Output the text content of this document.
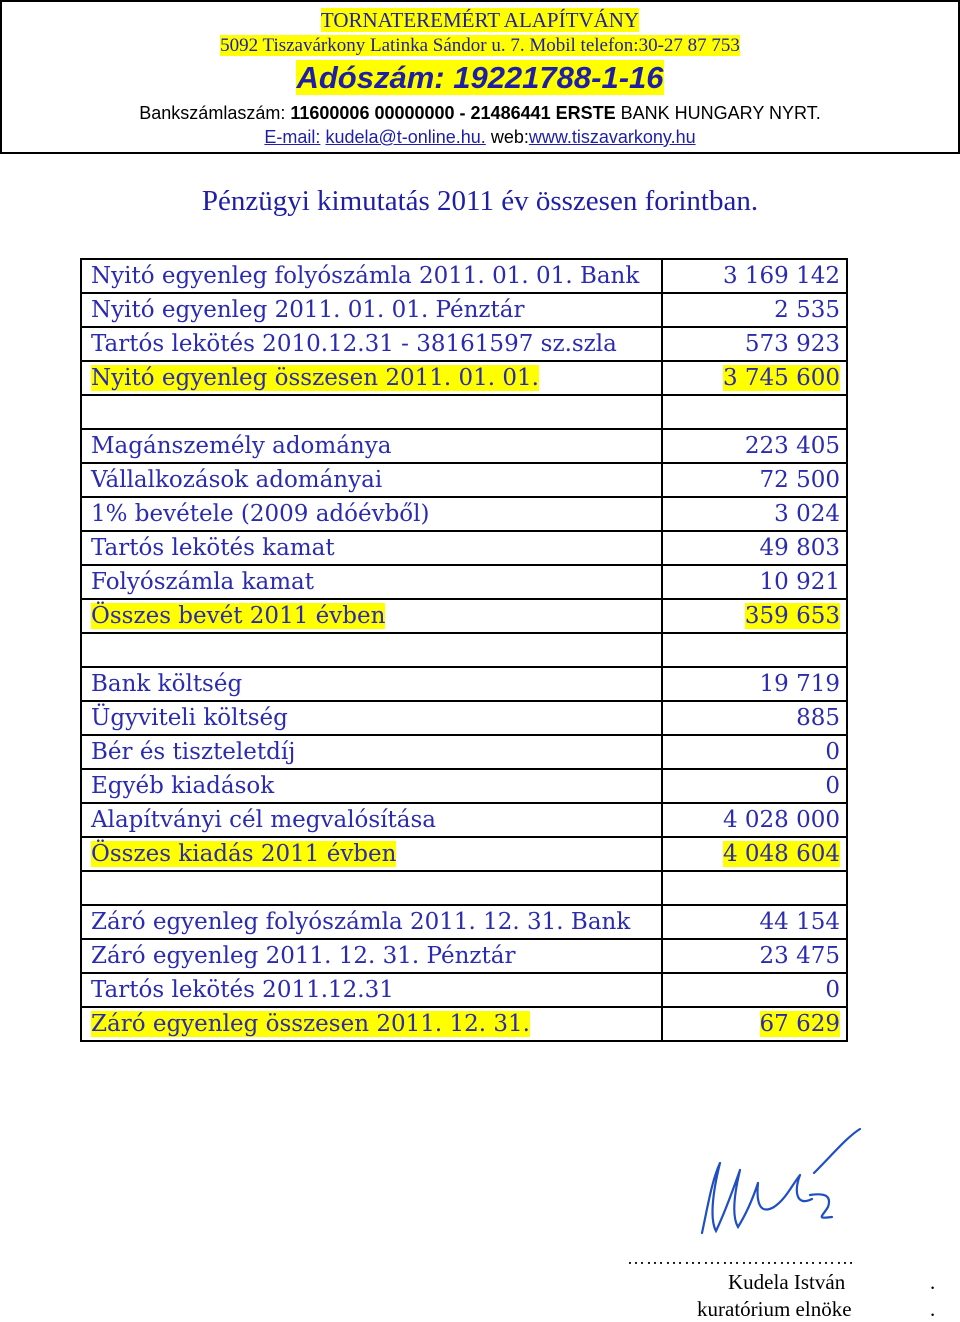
TORNATEREMÉRT ALAPÍTVÁNY
5092 Tiszavárkony Latinka Sándor u. 7. Mobil telefon:30-27 87 753
Adószám: 19221788-1-16
Bankszámlaszám: 11600006 00000000 - 21486441 ERSTE BANK HUNGARY NYRT.
E-mail: kudela@t-online.hu. web:www.tiszavarkony.hu
Pénzügyi kimutatás 2011 év összesen forintban.
Nyitó egyenleg folyószámla 2011. 01. 01. Bank	3 169 142
Nyitó egyenleg 2011. 01. 01. Pénztár	2 535
Tartós lekötés 2010.12.31 - 38161597 sz.szla	573 923
Nyitó egyenleg összesen 2011. 01. 01.	3 745 600

Magánszemély adománya	223 405
Vállalkozások adományai	72 500
1% bevétele (2009 adóévből)	3 024
Tartós lekötés kamat	49 803
Folyószámla kamat	10 921
Összes bevét 2011 évben	359 653

Bank költség	19 719
Ügyviteli költség	885
Bér és tiszteletdíj	0
Egyéb kiadások	0
Alapítványi cél megvalósítása	4 028 000
Összes kiadás 2011 évben	4 048 604

Záró egyenleg folyószámla 2011. 12. 31. Bank	44 154
Záró egyenleg 2011. 12. 31. Pénztár	23 475
Tartós lekötés 2011.12.31	0
Záró egyenleg összesen 2011. 12. 31.	67 629
………………………………
Kudela István	.
kuratórium elnöke	.
